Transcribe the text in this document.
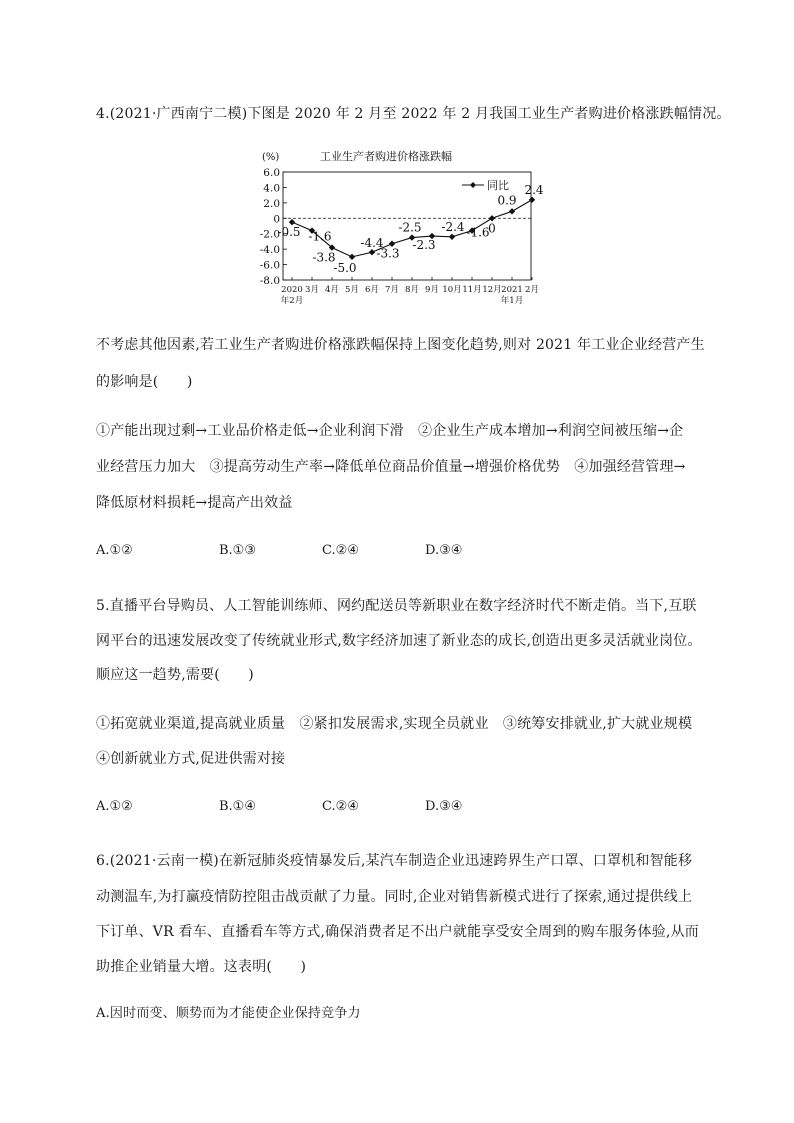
4.(2021·广西南宁二模)下图是 2020 年 2 月至 2022 年 2 月我国工业生产者购进价格涨跌幅情况。
(%)	工业生产者购进价格涨跌幅
同比
6.0
4.0
2.0
0
-2.0
-4.0
-6.0
-8.0
2020
年2月
3月 4月 5月 6月 7月 8月 9月 10月 11月 12月 2021
年1月
2月
-0.5 -1.6
-3.8
-5.0
-4.4
-3.3
-2.5
-2.3
-2.4 -1.6
0
0.9
2.4
不考虑其他因素,若工业生产者购进价格涨跌幅保持上图变化趋势,则对 2021 年工业企业经营产生
的影响是(　　)
①产能出现过剩→工业品价格走低→企业利润下滑　②企业生产成本增加→利润空间被压缩→企
业经营压力加大　③提高劳动生产率→降低单位商品价值量→增强价格优势　④加强经营管理→
降低原材料损耗→提高产出效益
A.①②	B.①③	C.②④	D.③④
5.直播平台导购员、人工智能训练师、网约配送员等新职业在数字经济时代不断走俏。当下,互联
网平台的迅速发展改变了传统就业形式,数字经济加速了新业态的成长,创造出更多灵活就业岗位。
顺应这一趋势,需要(　　)
①拓宽就业渠道,提高就业质量　②紧扣发展需求,实现全员就业　③统筹安排就业,扩大就业规模
④创新就业方式,促进供需对接
A.①②	B.①④	C.②④	D.③④
6.(2021·云南一模)在新冠肺炎疫情暴发后,某汽车制造企业迅速跨界生产口罩、口罩机和智能移
动测温车,为打赢疫情防控阻击战贡献了力量。同时,企业对销售新模式进行了探索,通过提供线上
下订单、VR 看车、直播看车等方式,确保消费者足不出户就能享受安全周到的购车服务体验,从而
助推企业销量大增。这表明(　　)
A.因时而变、顺势而为才能使企业保持竞争力
